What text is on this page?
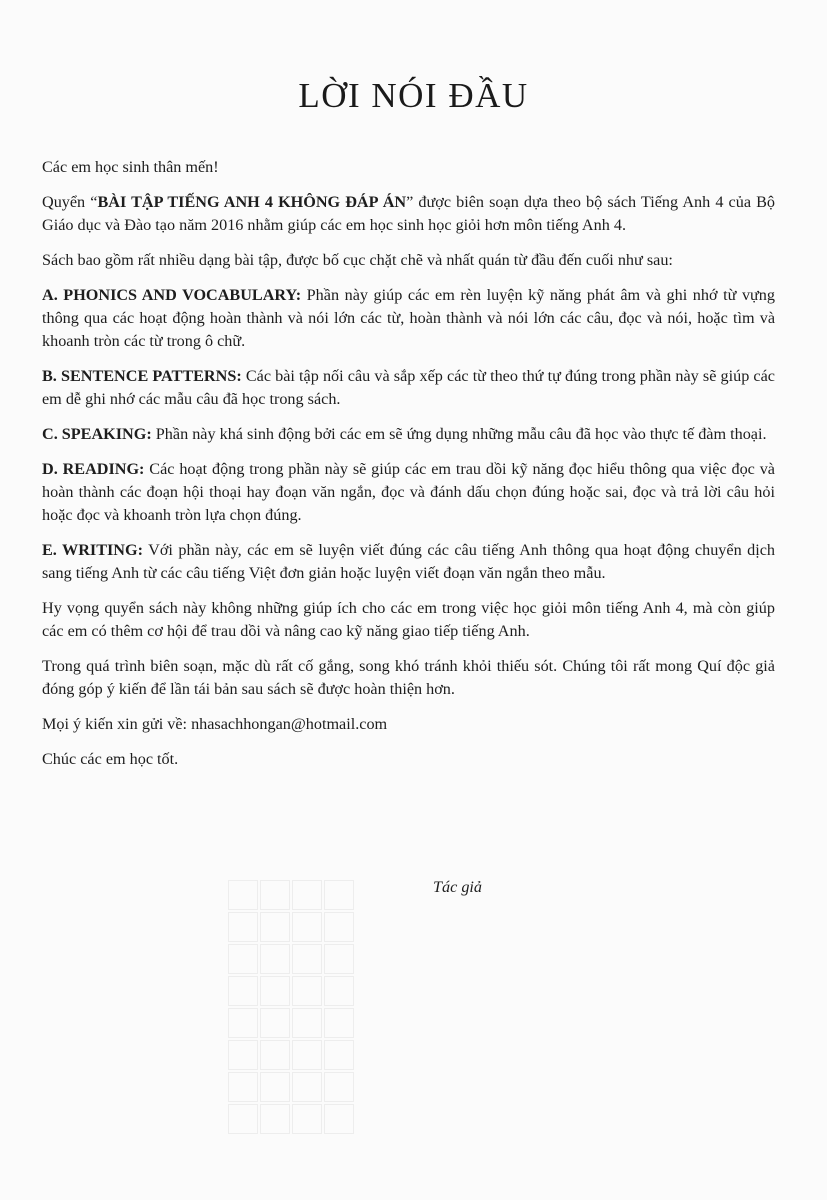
LỜI NÓI ĐẦU

Các em học sinh thân mến!

Quyển “BÀI TẬP TIẾNG ANH 4 KHÔNG ĐÁP ÁN” được biên soạn dựa theo bộ sách Tiếng Anh 4 của Bộ Giáo dục và Đào tạo năm 2016 nhằm giúp các em học sinh học giỏi hơn môn tiếng Anh 4.

Sách bao gồm rất nhiều dạng bài tập, được bố cục chặt chẽ và nhất quán từ đầu đến cuối như sau:

A. PHONICS AND VOCABULARY: Phần này giúp các em rèn luyện kỹ năng phát âm và ghi nhớ từ vựng thông qua các hoạt động hoàn thành và nói lớn các từ, hoàn thành và nói lớn các câu, đọc và nói, hoặc tìm và khoanh tròn các từ trong ô chữ.

B. SENTENCE PATTERNS: Các bài tập nối câu và sắp xếp các từ theo thứ tự đúng trong phần này sẽ giúp các em dễ ghi nhớ các mẫu câu đã học trong sách.

C. SPEAKING: Phần này khá sinh động bởi các em sẽ ứng dụng những mẫu câu đã học vào thực tế đàm thoại.

D. READING: Các hoạt động trong phần này sẽ giúp các em trau dồi kỹ năng đọc hiểu thông qua việc đọc và hoàn thành các đoạn hội thoại hay đoạn văn ngắn, đọc và đánh dấu chọn đúng hoặc sai, đọc và trả lời câu hỏi hoặc đọc và khoanh tròn lựa chọn đúng.

E. WRITING: Với phần này, các em sẽ luyện viết đúng các câu tiếng Anh thông qua hoạt động chuyển dịch sang tiếng Anh từ các câu tiếng Việt đơn giản hoặc luyện viết đoạn văn ngắn theo mẫu.

Hy vọng quyển sách này không những giúp ích cho các em trong việc học giỏi môn tiếng Anh 4, mà còn giúp các em có thêm cơ hội để trau dồi và nâng cao kỹ năng giao tiếp tiếng Anh.

Trong quá trình biên soạn, mặc dù rất cố gắng, song khó tránh khỏi thiếu sót. Chúng tôi rất mong Quí độc giả đóng góp ý kiến để lần tái bản sau sách sẽ được hoàn thiện hơn.

Mọi ý kiến xin gửi về: nhasachhongan@hotmail.com

Chúc các em học tốt.

Tác giả
